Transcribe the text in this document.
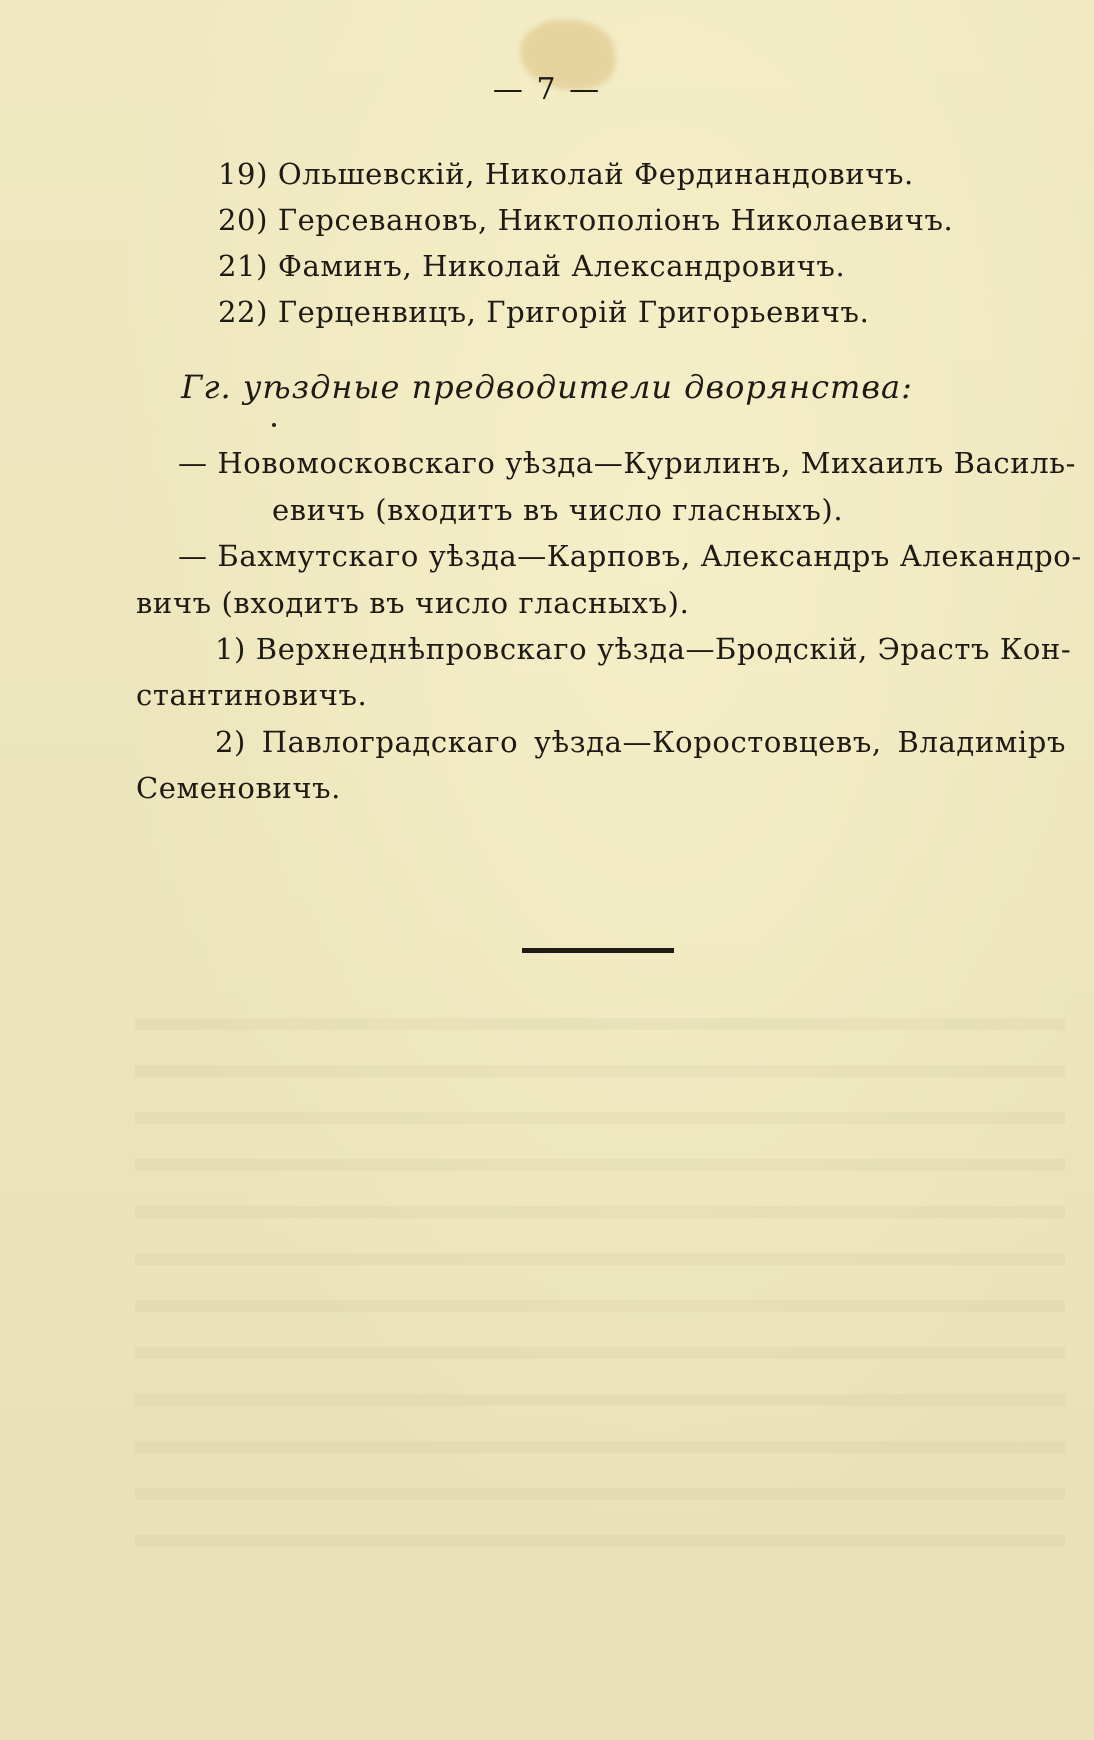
— 7 —
19) Ольшевскій, Николай Фердинандовичъ.
20) Герсевановъ, Никтополіонъ Николаевичъ.
21) Фаминъ, Николай Александровичъ.
22) Герценвицъ, Григорій Григорьевичъ.
Гг. уѣздные предводители дворянства:
— Новомосковскаго уѣзда—Курилинъ, Михаилъ Василь-
евичъ (входитъ въ число гласныхъ).
— Бахмутскаго уѣзда—Карповъ, Александръ Алекандро-
вичъ (входитъ въ число гласныхъ).
1) Верхнеднѣпровскаго уѣзда—Бродскій, Эрастъ Кон-
стантиновичъ.
2) Павлоградскаго уѣзда—Коростовцевъ, Владиміръ
Семеновичъ.
